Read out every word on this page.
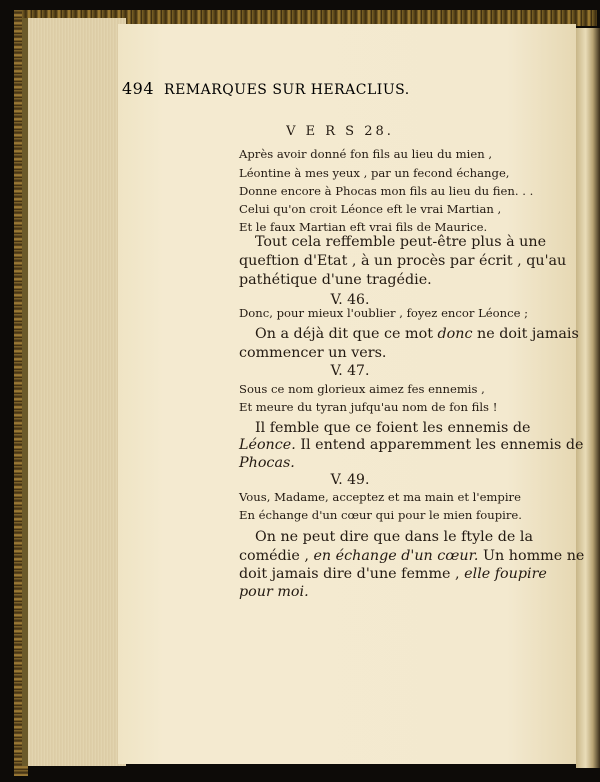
494 REMARQUES SUR HERACLIUS.
V E R S 28.
Après avoir donné fon fils au lieu du mien ,
Léontine à mes yeux , par un fecond échange,
Donne encore à Phocas mon fils au lieu du fien. . .
Celui qu'on croit Léonce eft le vrai Martian ,
Et le faux Martian eft vrai fils de Maurice.
Tout cela reffemble peut-être plus à une
queftion d'Etat , à un procès par écrit , qu'au
pathétique d'une tragédie.
V. 46.
Donc, pour mieux l'oublier , foyez encor Léonce ;
On a déjà dit que ce mot donc ne doit jamais
commencer un vers.
V. 47.
Sous ce nom glorieux aimez fes ennemis ,
Et meure du tyran jufqu'au nom de fon fils !
Il femble que ce foient les ennemis de
Léonce. Il entend apparemment les ennemis de
Phocas.
V. 49.
Vous, Madame, acceptez et ma main et l'empire
En échange d'un cœur qui pour le mien foupire.
On ne peut dire que dans le ftyle de la
comédie , en échange d'un cœur. Un homme ne
doit jamais dire d'une femme , elle foupire
pour moi.
